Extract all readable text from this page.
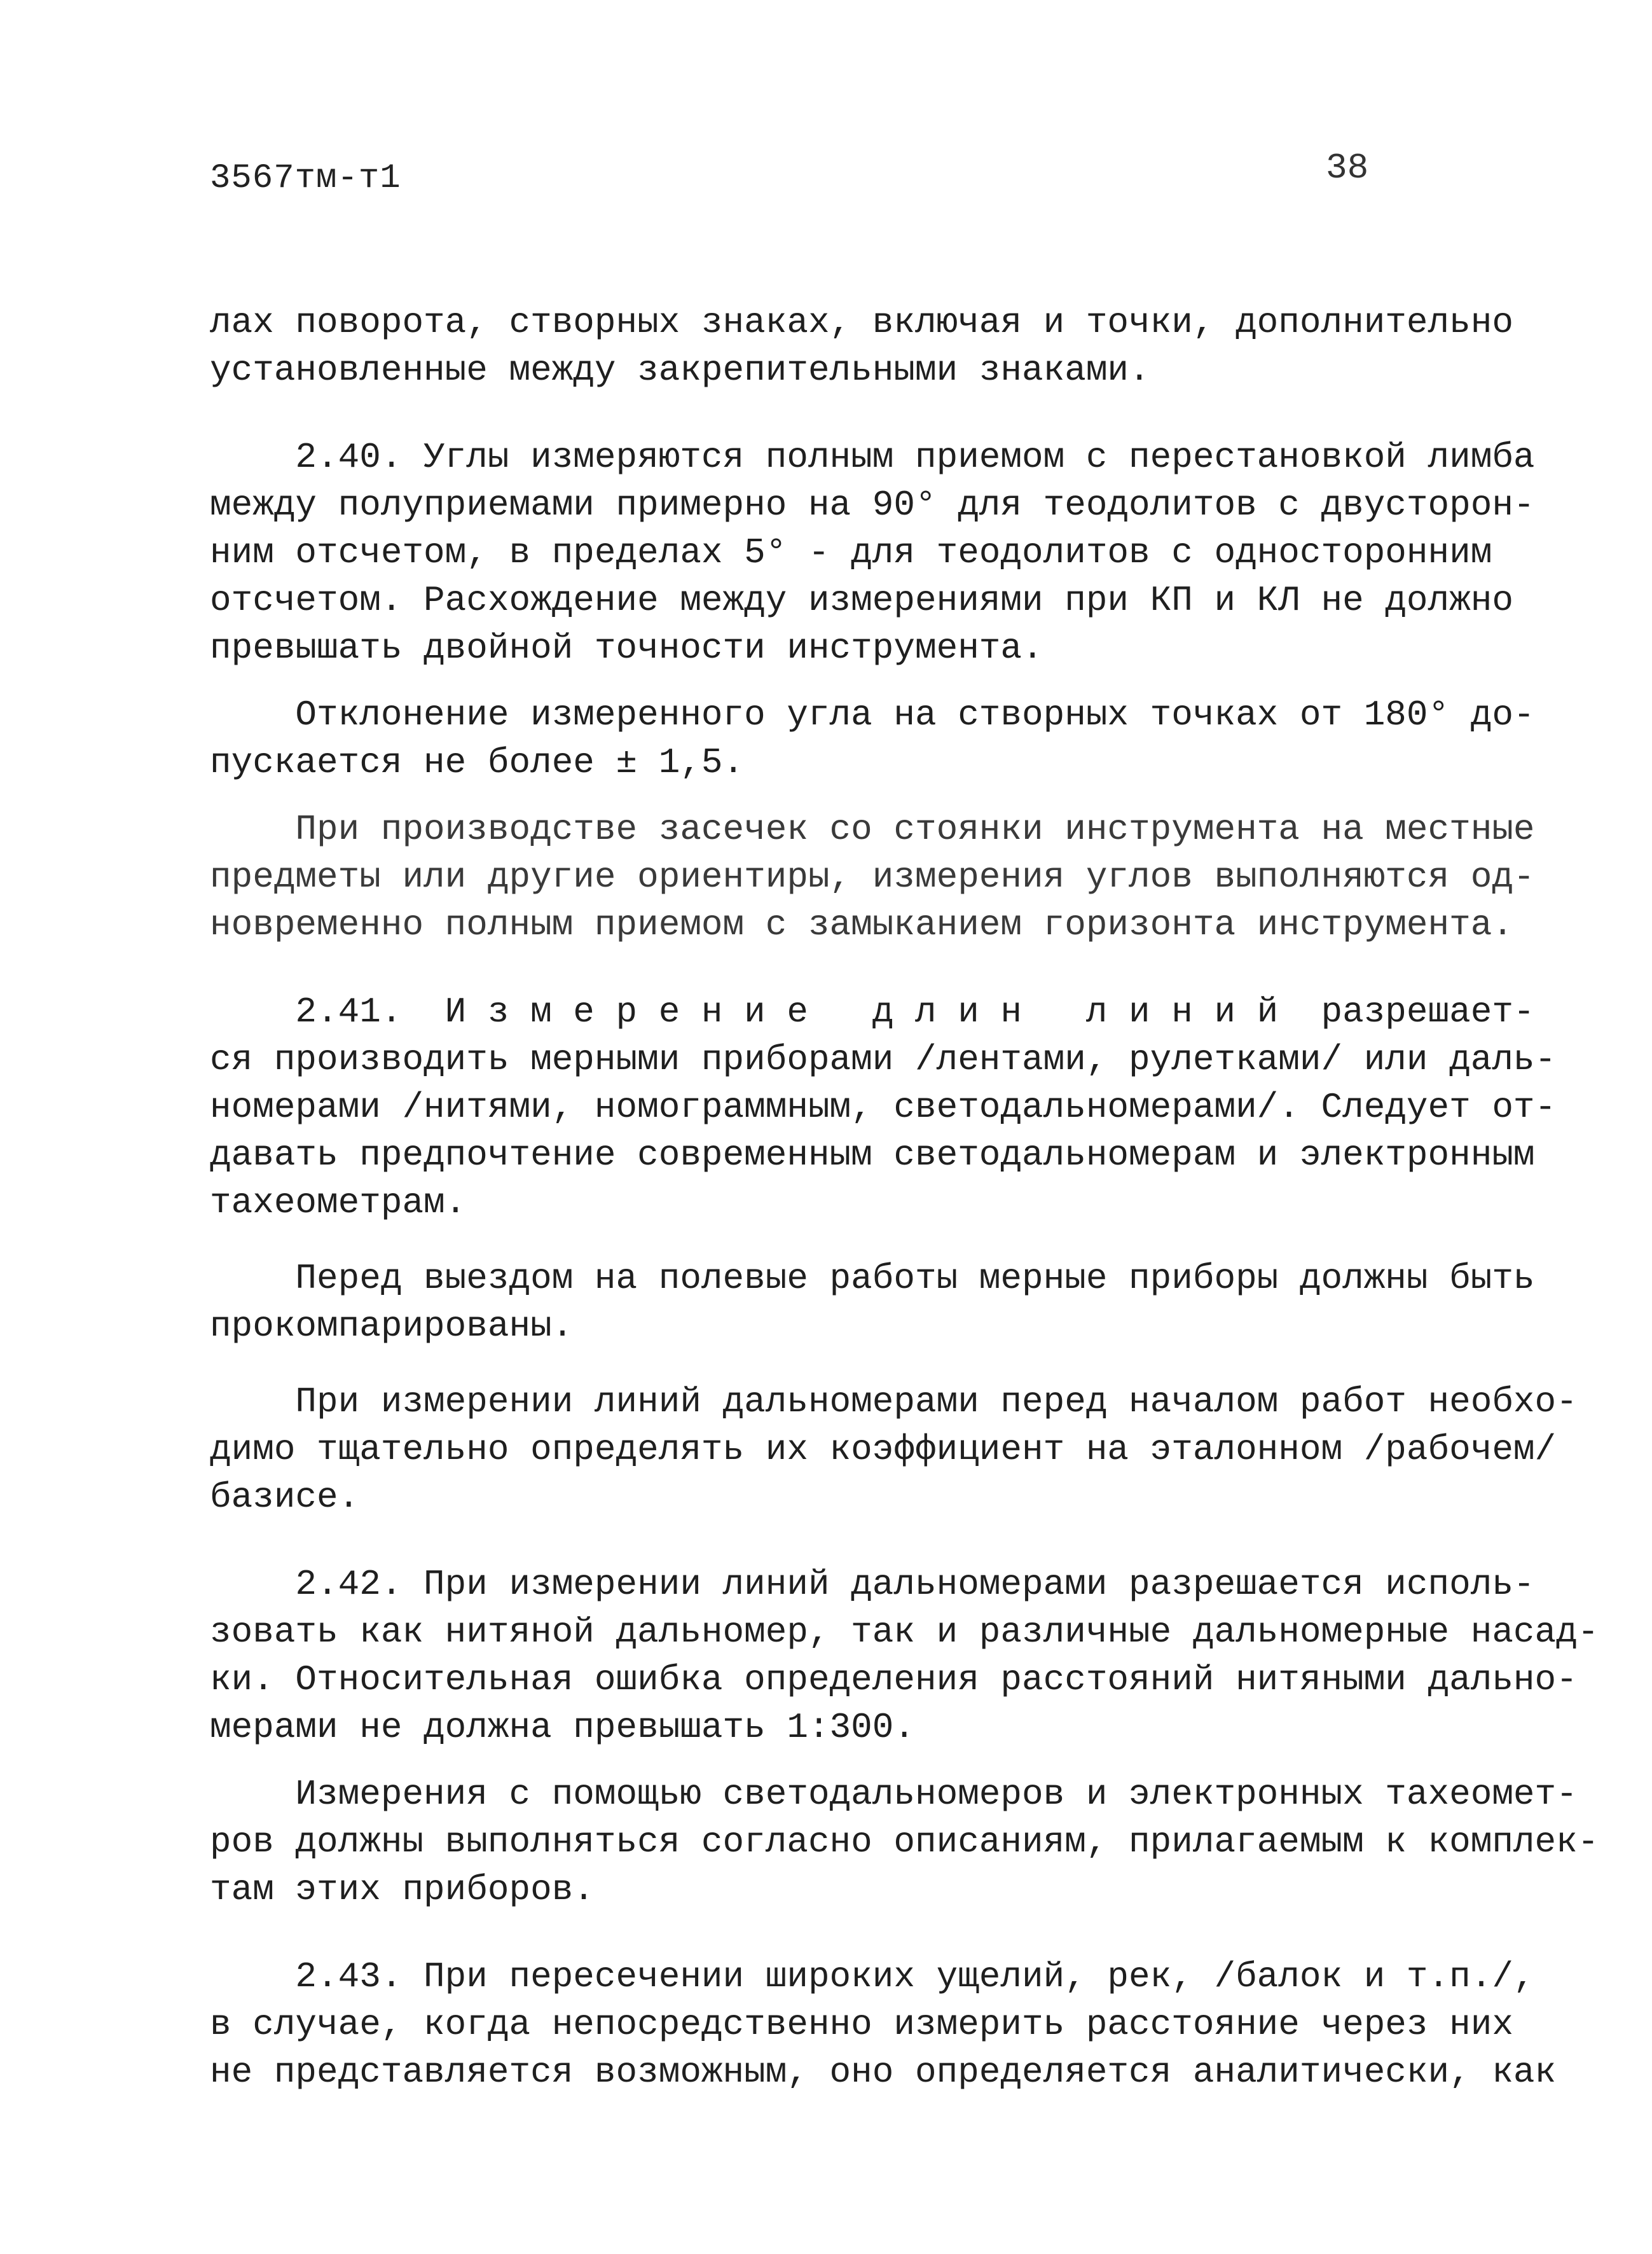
3567тм-т1	38
лах поворота, створных знаках, включая и точки, дополнительно
установленные между закрепительными знаками.
2.40. Углы измеряются полным приемом с перестановкой лимба
между полуприемами примерно на 90° для теодолитов с двусторон-
ним отсчетом, в пределах 5° - для теодолитов с односторонним
отсчетом. Расхождение между измерениями при КП и КЛ не должно
превышать двойной точности инструмента.
Отклонение измеренного угла на створных точках от 180° до-
пускается не более ± 1,5.
При производстве засечек со стоянки инструмента на местные
предметы или другие ориентиры, измерения углов выполняются од-
новременно полным приемом с замыканием горизонта инструмента.
2.41.  И з м е р е н и е   д л и н   л и н и й  разрешает-
ся производить мерными приборами /лентами, рулетками/ или даль-
номерами /нитями, номограммным, светодальномерами/. Следует от-
давать предпочтение современным светодальномерам и электронным
тахеометрам.
Перед выездом на полевые работы мерные приборы должны быть
прокомпарированы.
При измерении линий дальномерами перед началом работ необхо-
димо тщательно определять их коэффициент на эталонном /рабочем/
базисе.
2.42. При измерении линий дальномерами разрешается исполь-
зовать как нитяной дальномер, так и различные дальномерные насад-
ки. Относительная ошибка определения расстояний нитяными дально-
мерами не должна превышать 1:300.
Измерения с помощью светодальномеров и электронных тахеомет-
ров должны выполняться согласно описаниям, прилагаемым к комплек-
там этих приборов.
2.43. При пересечении широких ущелий, рек, /балок и т.п./,
в случае, когда непосредственно измерить расстояние через них
не представляется возможным, оно определяется аналитически, как
